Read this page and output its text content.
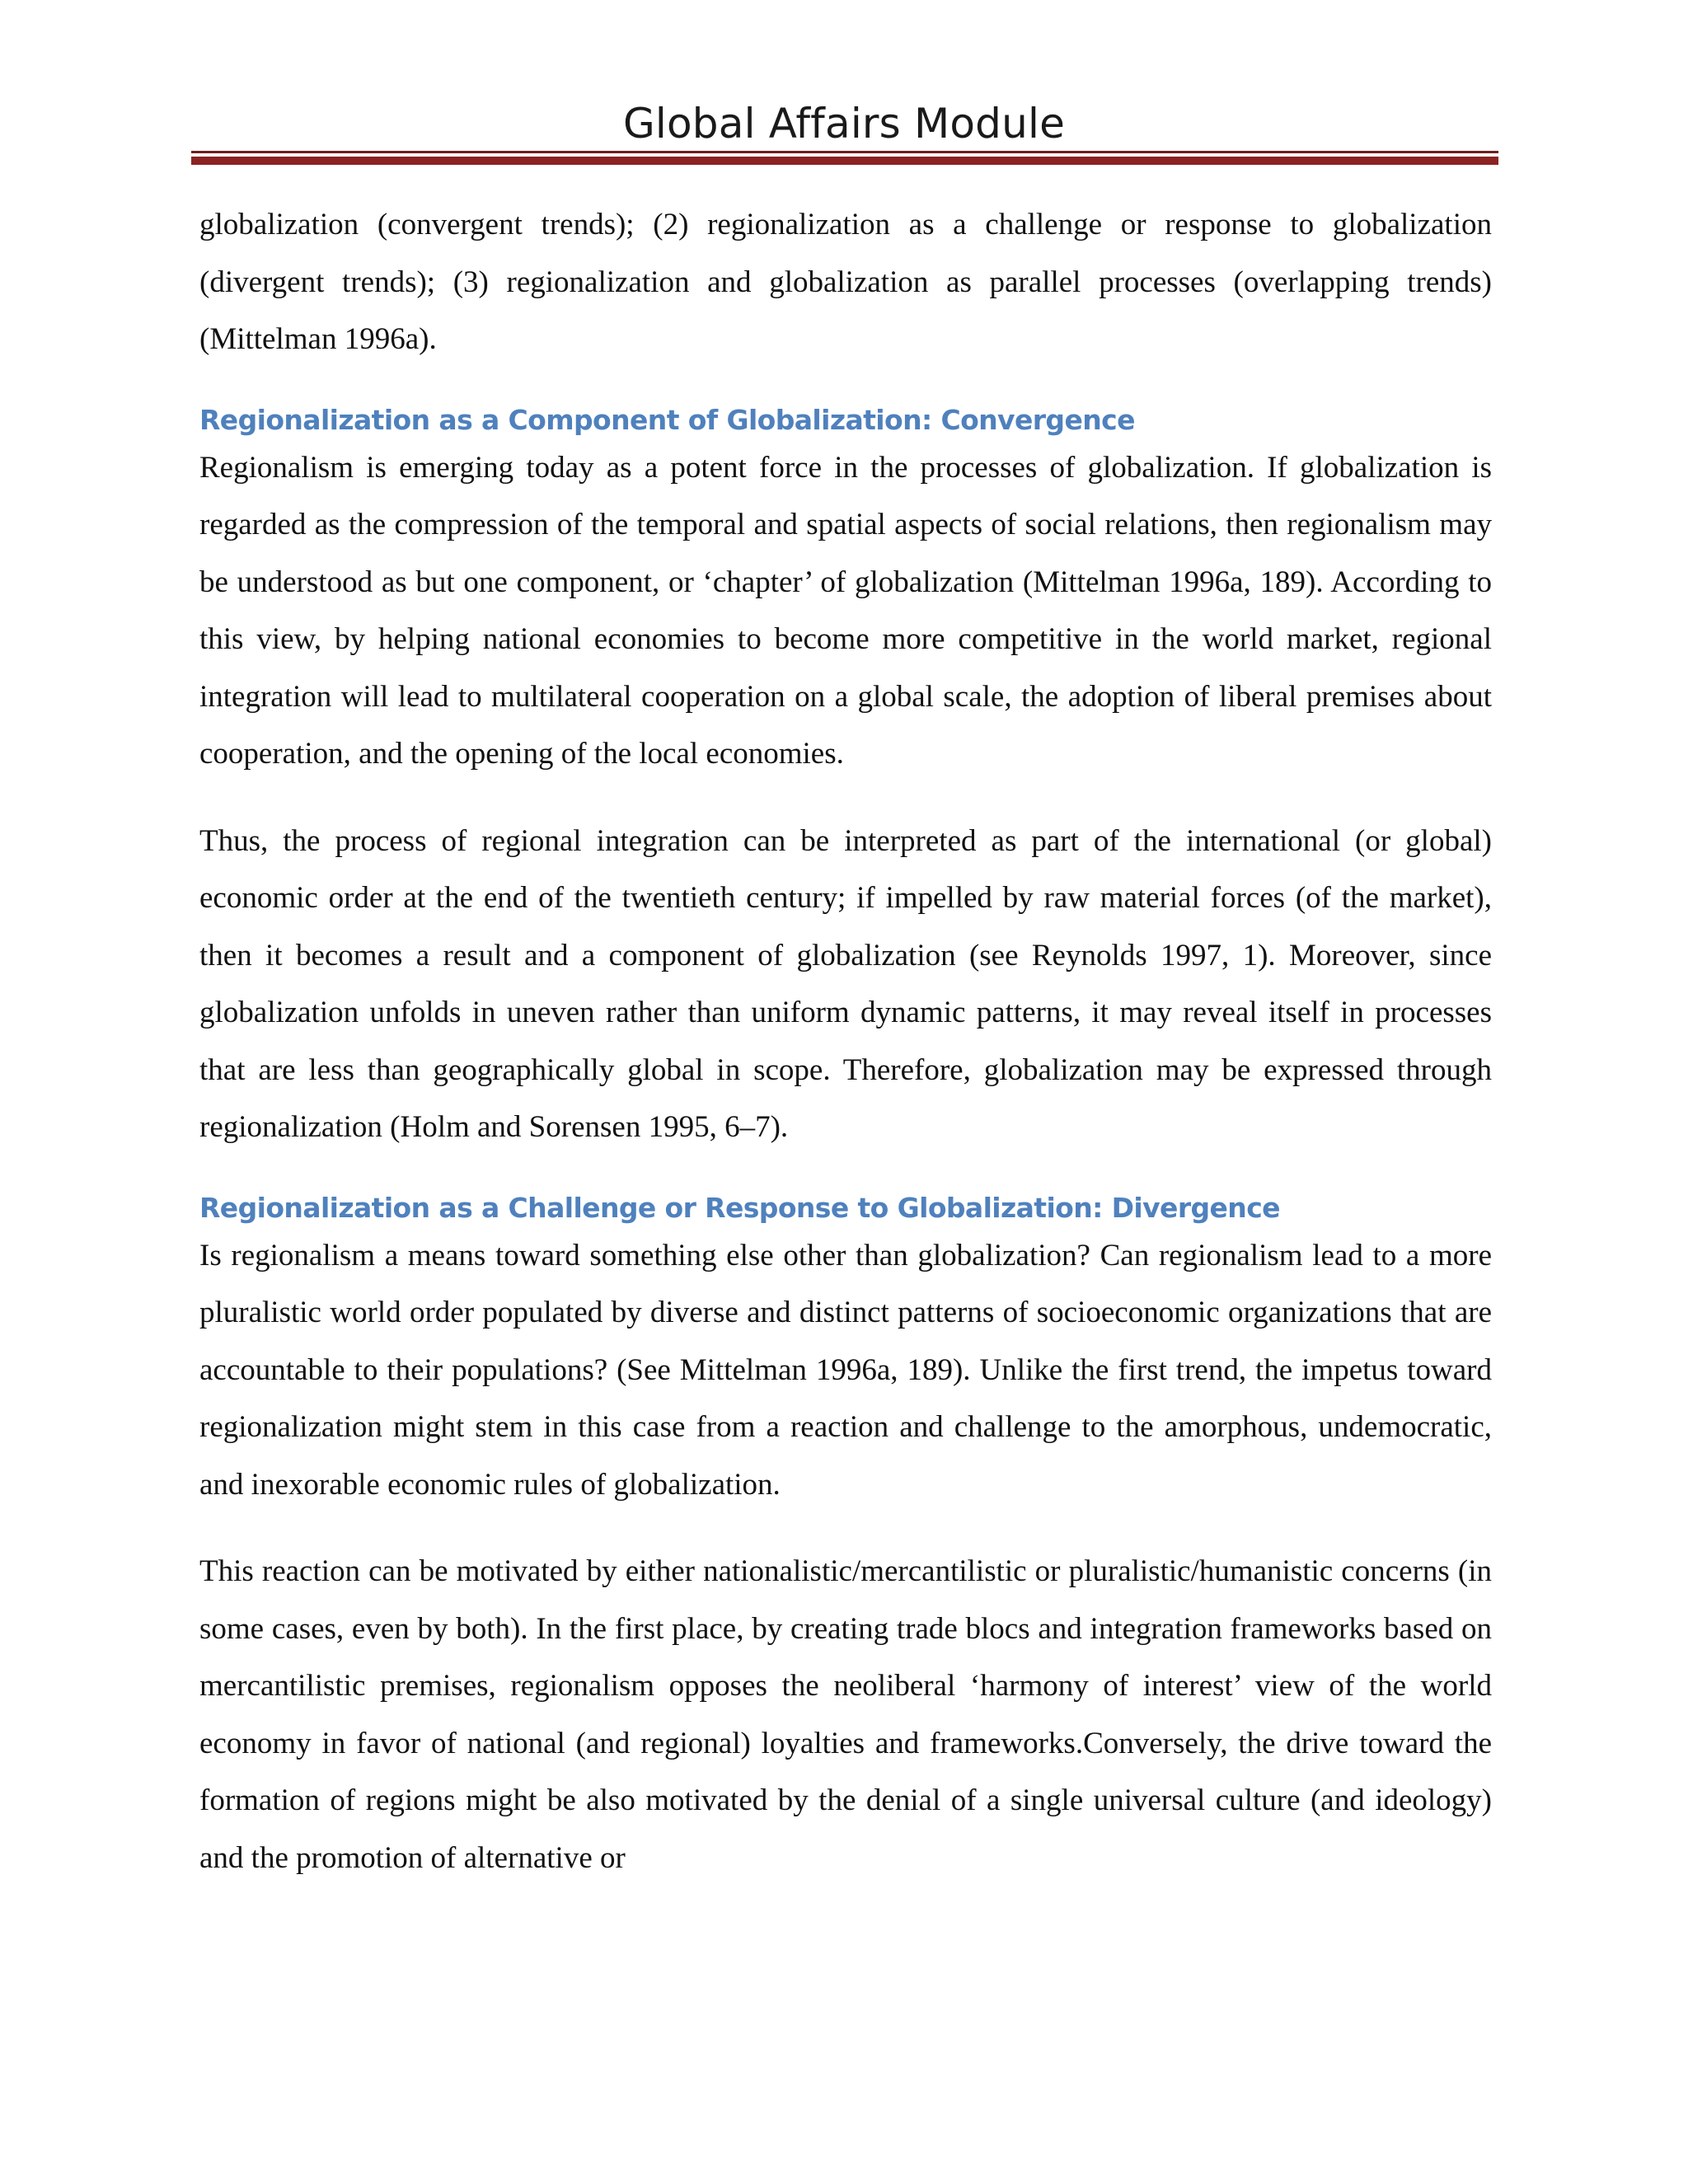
Global Affairs Module

globalization (convergent trends); (2) regionalization as a challenge or response to globalization (divergent trends); (3) regionalization and globalization as parallel processes (overlapping trends) (Mittelman 1996a).

Regionalization as a Component of Globalization: Convergence

Regionalism is emerging today as a potent force in the processes of globalization. If globalization is regarded as the compression of the temporal and spatial aspects of social relations, then regionalism may be understood as but one component, or ‘chapter’ of globalization (Mittelman 1996a, 189). According to this view, by helping national economies to become more competitive in the world market, regional integration will lead to multilateral cooperation on a global scale, the adoption of liberal premises about cooperation, and the opening of the local economies.

Thus, the process of regional integration can be interpreted as part of the international (or global) economic order at the end of the twentieth century; if impelled by raw material forces (of the market), then it becomes a result and a component of globalization (see Reynolds 1997, 1). Moreover, since globalization unfolds in uneven rather than uniform dynamic patterns, it may reveal itself in processes that are less than geographically global in scope. Therefore, globalization may be expressed through regionalization (Holm and Sorensen 1995, 6–7).

Regionalization as a Challenge or Response to Globalization: Divergence

Is regionalism a means toward something else other than globalization? Can regionalism lead to a more pluralistic world order populated by diverse and distinct patterns of socioeconomic organizations that are accountable to their populations? (See Mittelman 1996a, 189). Unlike the first trend, the impetus toward regionalization might stem in this case from a reaction and challenge to the amorphous, undemocratic, and inexorable economic rules of globalization.

This reaction can be motivated by either nationalistic/mercantilistic or pluralistic/humanistic concerns (in some cases, even by both). In the first place, by creating trade blocs and integration frameworks based on mercantilistic premises, regionalism opposes the neoliberal ‘harmony of interest’ view of the world economy in favor of national (and regional) loyalties and frameworks.Conversely, the drive toward the formation of regions might be also motivated by the denial of a single universal culture (and ideology) and the promotion of alternative or
